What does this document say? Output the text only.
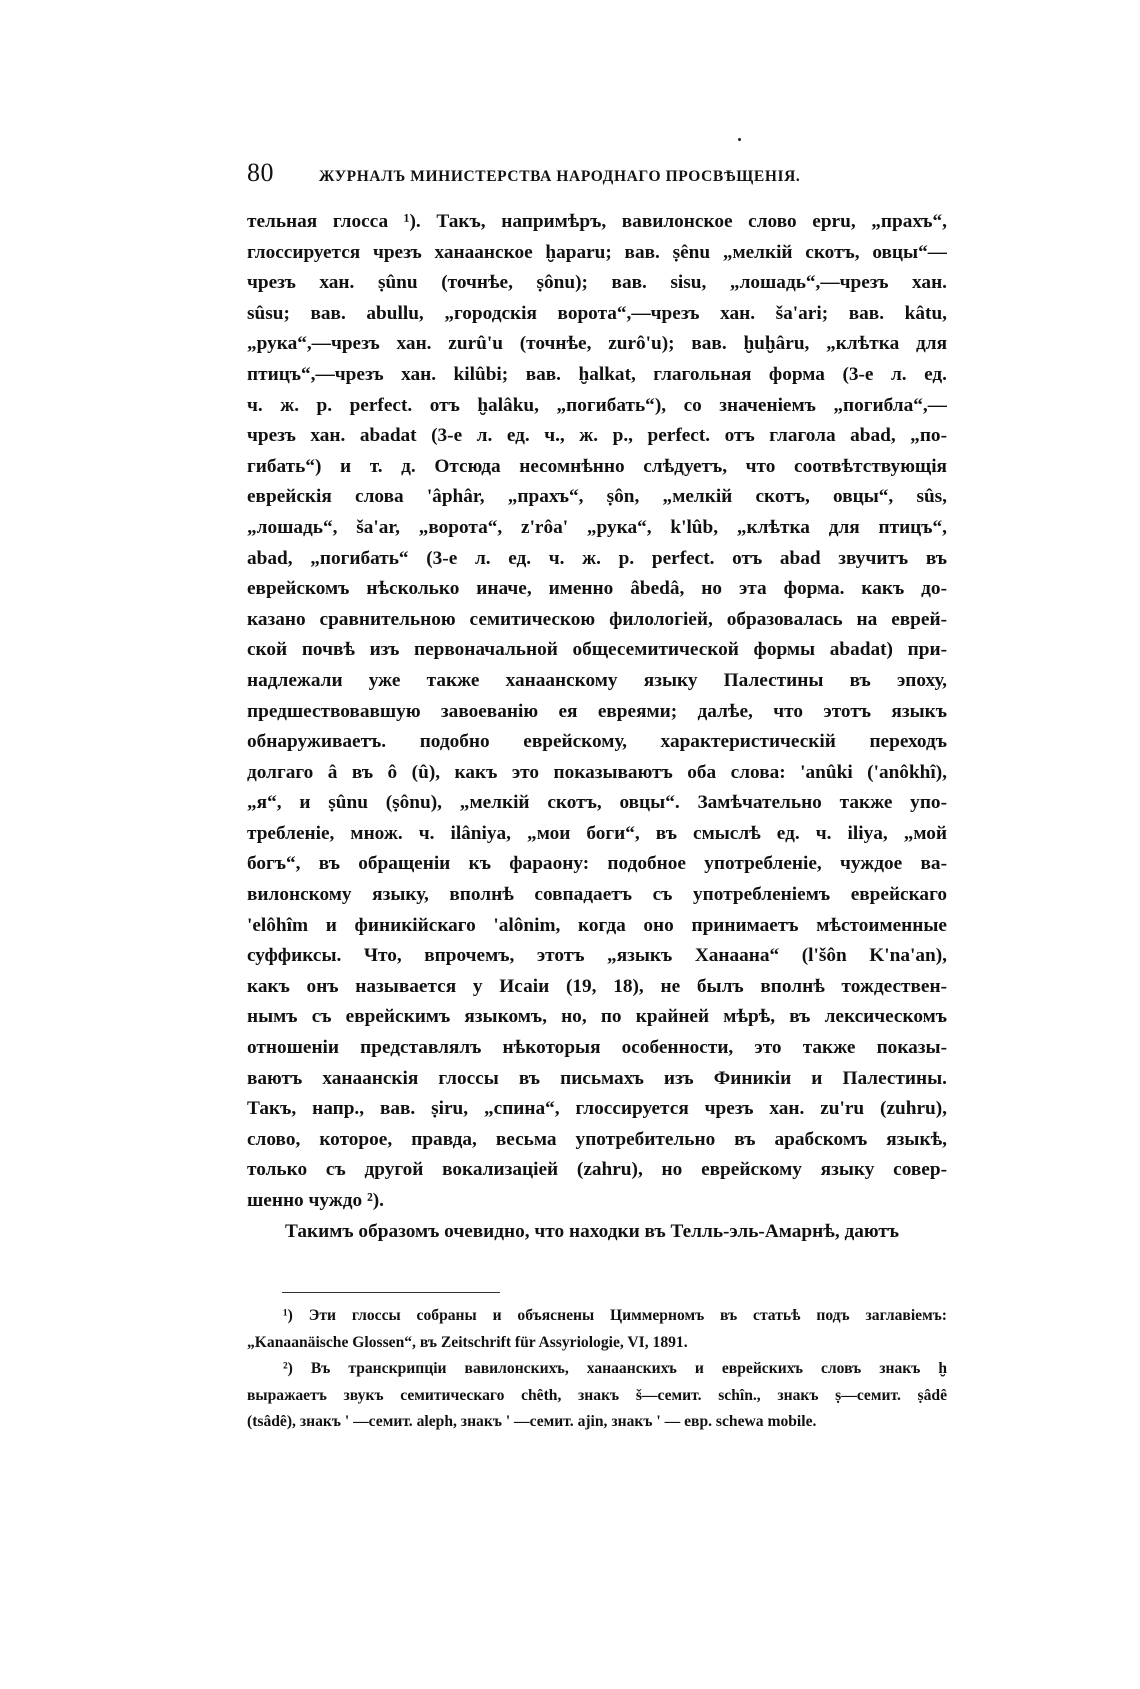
80	ЖУРНАЛЪ МИНИСТЕРСТВА НАРОДНАГО ПРОСВѢЩЕНІЯ.
тельная глосса ¹). Такъ, напримѣръ, вавилонское слово epru, „прахъ“,
глоссируется чрезъ ханаанское ḫaparu; вав. ṣênu „мелкій скотъ, овцы“—
чрезъ хан. ṣûnu (точнѣе, ṣônu); вав. sisu, „лошадь“,—чрезъ хан.
sûsu; вав. abullu, „городскія ворота“,—чрезъ хан. ša'ari; вав. kâtu,
„рука“,—чрезъ хан. zurû'u (точнѣе, zurô'u); вав. ḫuḫâru, „клѣтка для
птицъ“,—чрезъ хан. kilûbi; вав. ḫalkat, глагольная форма (3-е л. ед.
ч. ж. р. perfect. отъ ḫalâku, „погибать“), со значеніемъ „погибла“,—
чрезъ хан. abadat (3-е л. ед. ч., ж. р., perfect. отъ глагола abad, „по-
гибать“) и т. д. Отсюда несомнѣнно слѣдуетъ, что соотвѣтствующія
еврейскія слова 'âphâr, „прахъ“, ṣôn, „мелкій скотъ, овцы“, sûs,
„лошадь“, ša'ar, „ворота“, z'rôa' „рука“, k'lûb, „клѣтка для птицъ“,
abad, „погибать“ (3-е л. ед. ч. ж. р. perfect. отъ abad звучитъ въ
еврейскомъ нѣсколько иначе, именно âbedâ, но эта форма. какъ до-
казано сравнительною семитическою филологіей, образовалась на еврей-
ской почвѣ изъ первоначальной общесемитической формы abadat) при-
надлежали уже также ханаанскому языку Палестины въ эпоху,
предшествовавшую завоеванію ея евреями; далѣе, что этотъ языкъ
обнаруживаетъ. подобно еврейскому, характеристическій переходъ
долгаго â въ ô (û), какъ это показываютъ оба слова: 'anûki ('anôkhî),
„я“, и ṣûnu (ṣônu), „мелкій скотъ, овцы“. Замѣчательно также упо-
требленіе, множ. ч. ilâniya, „мои боги“, въ смыслѣ ед. ч. iliya, „мой
богъ“, въ обращеніи къ фараону: подобное употребленіе, чуждое ва-
вилонскому языку, вполнѣ совпадаетъ съ употребленіемъ еврейскаго
'elôhîm и финикійскаго 'alônim, когда оно принимаетъ мѣстоименные
суффиксы. Что, впрочемъ, этотъ „языкъ Ханаана“ (l'šôn K'na'an),
какъ онъ называется у Исаіи (19, 18), не былъ вполнѣ тождествен-
нымъ съ еврейскимъ языкомъ, но, по крайней мѣрѣ, въ лексическомъ
отношеніи представлялъ нѣкоторыя особенности, это также показы-
ваютъ ханаанскія глоссы въ письмахъ изъ Финикіи и Палестины.
Такъ, напр., вав. ṣiru, „спина“, глоссируется чрезъ хан. zu'ru (zuhru),
слово, которое, правда, весьма употребительно въ арабскомъ языкѣ,
только съ другой вокализаціей (zahru), но еврейскому языку совер-
шенно чуждо ²).
Такимъ образомъ очевидно, что находки въ Телль-эль-Амарнѣ, даютъ
¹) Эти глоссы собраны и объяснены Циммерномъ въ статьѣ подъ заглавіемъ:
„Kanaanäische Glossen“, въ Zeitschrift für Assyriologie, VI, 1891.
²) Въ транскрипціи вавилонскихъ, ханаанскихъ и еврейскихъ словъ знакъ ḫ
выражаетъ звукъ семитическаго chêth, знакъ š—семит. schîn., знакъ ṣ—семит. ṣâdê
(tsâdê), знакъ ' —семит. aleph, знакъ ' —семит. ajin, знакъ ' — евр. schewa mobile.
